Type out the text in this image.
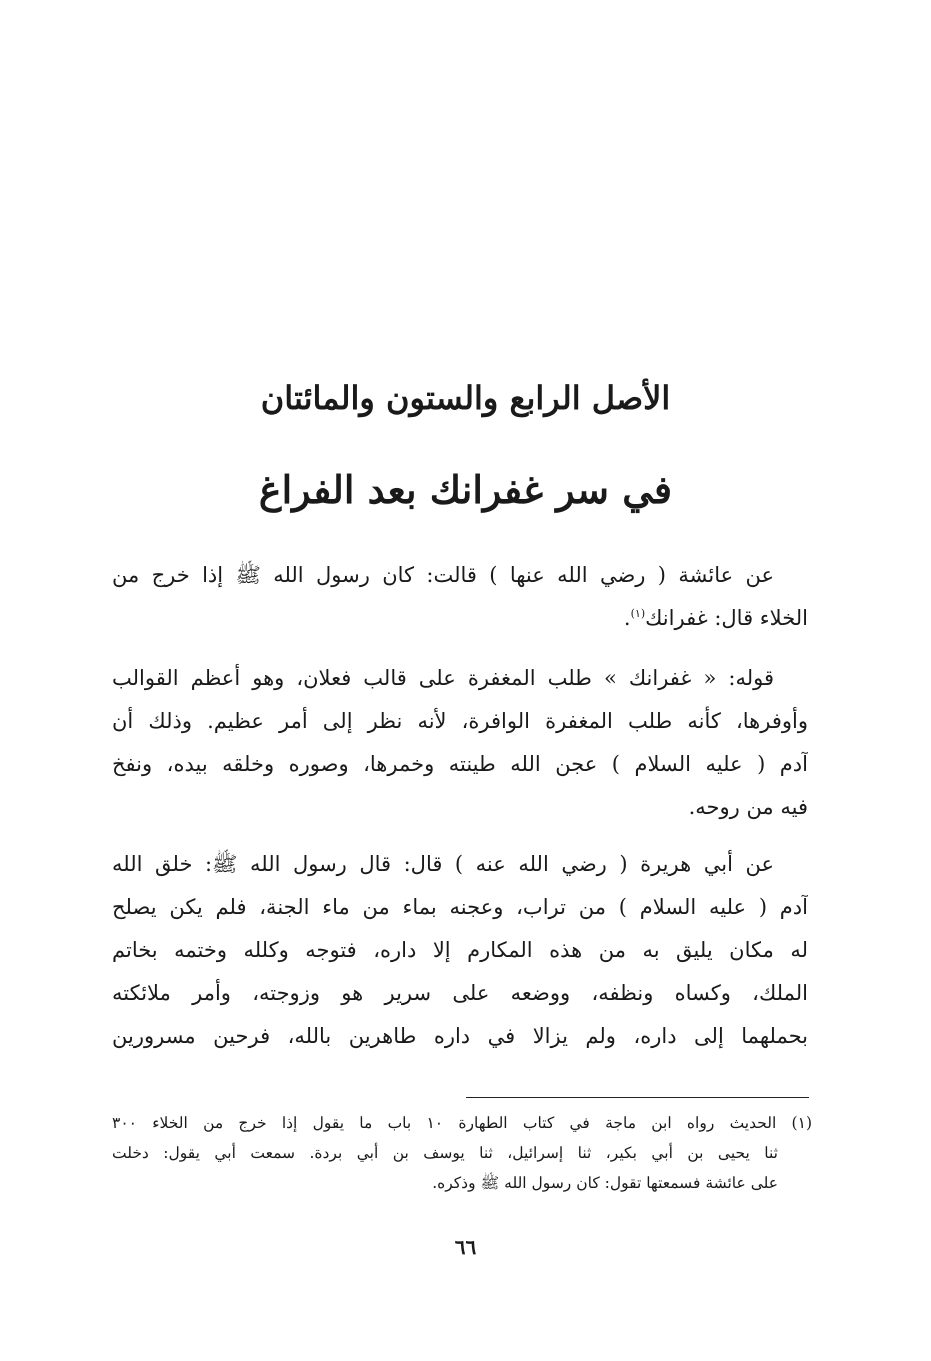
الأصل الرابع والستون والمائتان
في سر غفرانك بعد الفراغ
عن عائشة ( رضي الله عنها ) قالت: كان رسول الله ﷺ إذا خرج من
الخلاء قال: غفرانك$^{(١)}$.
قوله: « غفرانك » طلب المغفرة على قالب فعلان، وهو أعظم القوالب
وأوفرها، كأنه طلب المغفرة الوافرة، لأنه نظر إلى أمر عظيم. وذلك أن
آدم ( عليه السلام ) عجن الله طينته وخمرها، وصوره وخلقه بيده، ونفخ
فيه من روحه.
عن أبي هريرة ( رضي الله عنه ) قال: قال رسول الله ﷺ: خلق الله
آدم ( عليه السلام ) من تراب، وعجنه بماء من ماء الجنة، فلم يكن يصلح
له مكان يليق به من هذه المكارم إلا داره، فتوجه وكلله وختمه بخاتم
الملك، وكساه ونظفه، ووضعه على سرير هو وزوجته، وأمر ملائكته
بحملهما إلى داره، ولم يزالا في داره طاهرين بالله، فرحين مسرورين
(١) الحديث رواه ابن ماجة في كتاب الطهارة ١٠ باب ما يقول إذا خرج من الخلاء ٣٠٠
ثنا يحيى بن أبي بكير، ثنا إسرائيل، ثنا يوسف بن أبي بردة. سمعت أبي يقول: دخلت
على عائشة فسمعتها تقول: كان رسول الله ﷺ وذكره.
٦٦
